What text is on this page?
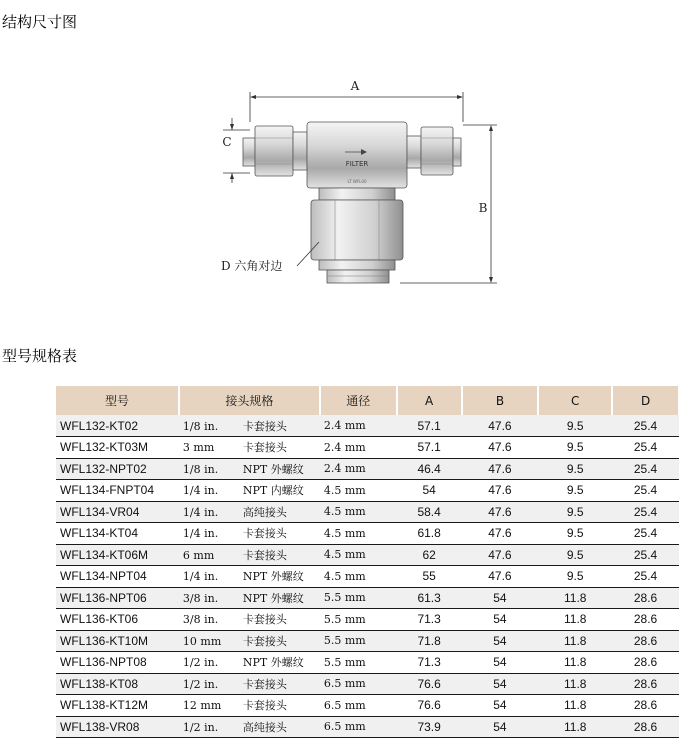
结构尺寸图
A
C
B
FILTER
LT WFL00
D 六角对边
型号规格表
型号	接头规格	通径	A	B	C	D
WFL132-KT02	1/8 in. 卡套接头	2.4 mm	57.1	47.6	9.5	25.4
WFL132-KT03M	3 mm 卡套接头	2.4 mm	57.1	47.6	9.5	25.4
WFL132-NPT02	1/8 in. NPT 外螺纹	2.4 mm	46.4	47.6	9.5	25.4
WFL134-FNPT04	1/4 in. NPT 内螺纹	4.5 mm	54	47.6	9.5	25.4
WFL134-VR04	1/4 in. 高纯接头	4.5 mm	58.4	47.6	9.5	25.4
WFL134-KT04	1/4 in. 卡套接头	4.5 mm	61.8	47.6	9.5	25.4
WFL134-KT06M	6 mm 卡套接头	4.5 mm	62	47.6	9.5	25.4
WFL134-NPT04	1/4 in. NPT 外螺纹	4.5 mm	55	47.6	9.5	25.4
WFL136-NPT06	3/8 in. NPT 外螺纹	5.5 mm	61.3	54	11.8	28.6
WFL136-KT06	3/8 in. 卡套接头	5.5 mm	71.3	54	11.8	28.6
WFL136-KT10M	10 mm 卡套接头	5.5 mm	71.8	54	11.8	28.6
WFL136-NPT08	1/2 in. NPT 外螺纹	5.5 mm	71.3	54	11.8	28.6
WFL138-KT08	1/2 in. 卡套接头	6.5 mm	76.6	54	11.8	28.6
WFL138-KT12M	12 mm 卡套接头	6.5 mm	76.6	54	11.8	28.6
WFL138-VR08	1/2 in. 高纯接头	6.5 mm	73.9	54	11.8	28.6
